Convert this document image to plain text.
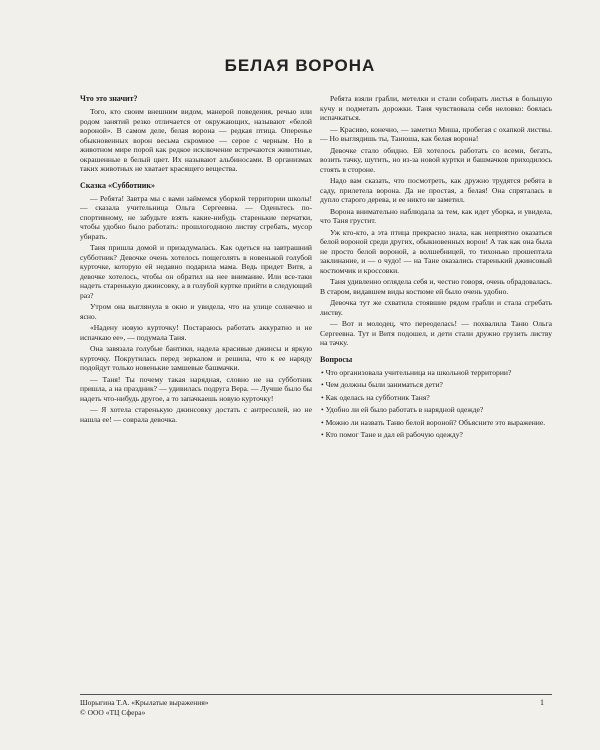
БЕЛАЯ ВОРОНА
Что это значит?

Того, кто своим внешним видом, манерой поведения, речью или родом занятий резко отличается от окружающих, называют «белой вороной». В самом деле, белая ворона — редкая птица. Оперенье обыкновенных ворон весьма скромное — серое с черным. Но в животном мире порой как редкое исключение встречаются животные, окрашенные в белый цвет. Их называют альбиносами. В организмах таких животных не хватает красящего вещества.

Сказка «Субботник»

— Ребята! Завтра мы с вами займемся уборкой территории школы! — сказала учительница Ольга Сергеевна. — Оденьтесь по-спортивному, не забудьте взять какие-нибудь старенькие перчатки, чтобы удобно было работать: прошлогоднюю листву сгребать, мусор убирать.

Таня пришла домой и призадумалась. Как одеться на завтрашний субботник? Девочке очень хотелось пощеголять в новенькой голубой курточке, которую ей недавно подарила мама. Ведь придет Витя, а девочке хотелось, чтобы он обратил на нее внимание. Или все-таки надеть старенькую джинсовку, а в голубой куртке прийти в следующий раз?

Утром она выглянула в окно и увидела, что на улице солнечно и ясно.

«Надену новую курточку! Постараюсь работать аккуратно и не испачкаю ее», — подумала Таня.

Она завязала голубые бантики, надела красивые джинсы и яркую курточку. Покрутилась перед зеркалом и решила, что к ее наряду подойдут только новенькие замшевые башмачки.

— Таня! Ты почему такая нарядная, словно не на субботник пришла, а на праздник? — удивилась подруга Вера. — Лучше было бы надеть что-нибудь другое, а то запачкаешь новую курточку!

— Я хотела старенькую джинсовку достать с антресолей, но не нашла ее! — соврала девочка.

Ребята взяли грабли, метелки и стали собирать листья в большую кучу и подметать дорожки. Таня чувствовала себя неловко: боялась испачкаться.

— Красиво, конечно, — заметил Миша, пробегая с охапкой листвы. — Но выглядишь ты, Танюша, как белая ворона!

Девочке стало обидно. Ей хотелось работать со всеми, бегать, возить тачку, шутить, но из-за новой куртки и башмачков приходилось стоять в стороне.

Надо вам сказать, что посмотреть, как дружно трудятся ребята в саду, прилетела ворона. Да не простая, а белая! Она спряталась в дупло старого дерева, и ее никто не заметил.

Ворона внимательно наблюдала за тем, как идет уборка, и увидела, что Таня грустит.

Уж кто-кто, а эта птица прекрасно знала, как неприятно оказаться белой вороной среди других, обыкновенных ворон! А так как она была не просто белой вороной, а волшебницей, то тихонько прошептала заклинание, и — о чудо! — на Тане оказались старенький джинсовый костюмчик и кроссовки.

Таня удивленно оглядела себя и, честно говоря, очень обрадовалась. В старом, видавшем виды костюме ей было очень удобно.

Девочка тут же схватила стоявшие рядом грабли и стала сгребать листву.

— Вот и молодец, что переоделась! — похвалила Таню Ольга Сергеевна. Тут и Витя подошел, и дети стали дружно грузить листву на тачку.

Вопросы
• Что организовала учительница на школьной территории?
• Чем должны были заниматься дети?
• Как оделась на субботник Таня?
• Удобно ли ей было работать в нарядной одежде?
• Можно ли назвать Таню белой вороной? Объясните это выражение.
• Кто помог Тане и дал ей рабочую одежду?
Шорыгина Т.А. «Крылатые выражения»
© ООО «ТЦ Сфера»
1
